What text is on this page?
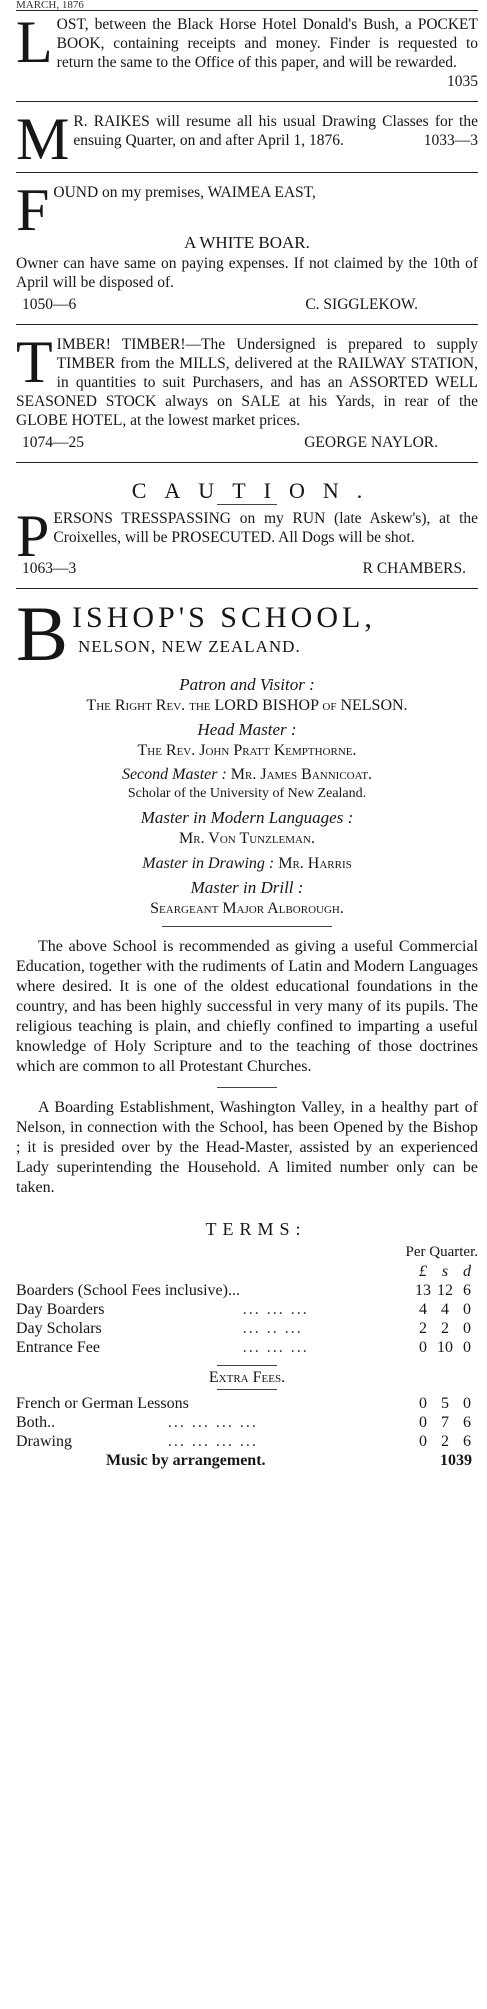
MARCH, 1876
L OST, between the Black Horse Hotel Donald's Bush, a POCKET BOOK, containing receipts and money. Finder is requested to return the same to the Office of this paper, and will be rewarded.
1035
M R. RAIKES will resume all his usual Drawing Classes for the ensuing Quarter, on and after April 1, 1876.	1033—3
F OUND on my premises, WAIMEA EAST,
A WHITE BOAR.
Owner can have same on paying expenses. If not claimed by the 10th of April will be disposed of.
1050—6	C. SIGGLEKOW.
T IMBER! TIMBER!—The Undersigned is prepared to supply TIMBER from the MILLS, delivered at the RAILWAY STATION, in quantities to suit Purchasers, and has an ASSORTED WELL SEASONED STOCK always on SALE at his Yards, in rear of the GLOBE HOTEL, at the lowest market prices.
1074—25	GEORGE NAYLOR.
CAUTION.
P ERSONS TRESSPASSING on my RUN (late Askew's), at the Croixelles, will be PROSECUTED. All Dogs will be shot.
1063—3	R CHAMBERS.
B ISHOP'S SCHOOL,
NELSON, NEW ZEALAND.
Patron and Visitor :
The Right Rev. the LORD BISHOP of NELSON.
Head Master :
The Rev. John Pratt Kempthorne.
Second Master : Mr. James Bannicoat.
Scholar of the University of New Zealand.
Master in Modern Languages :
Mr. Von Tunzleman.
Master in Drawing : Mr. Harris
Master in Drill :
Seargeant Major Alborough.

The above School is recommended as giving a useful Commercial Education, together with the rudiments of Latin and Modern Languages where desired. It is one of the oldest educational foundations in the country, and has been highly successful in very many of its pupils. The religious teaching is plain, and chiefly confined to imparting a useful knowledge of Holy Scripture and to the teaching of those doctrines which are common to all Protestant Churches.

A Boarding Establishment, Washington Valley, in a healthy part of Nelson, in connection with the School, has been Opened by the Bishop ; it is presided over by the Head-Master, assisted by an experienced Lady superintending the Household. A limited number only can be taken.

TERMS:
Per Quarter.
		£	s	d
Boarders (School Fees inclusive)...		13	12	6
Day Boarders	... ... ...	4	4	0
Day Scholars	... .. ...	2	2	0
Entrance Fee	... ... ...	0	10	0
Extra Fees.
French or German Lessons		0	5	0
Both..	... ... ... ...	0	7	6
Drawing	... ... ... ...	0	2	6
Music by arrangement.	1039
